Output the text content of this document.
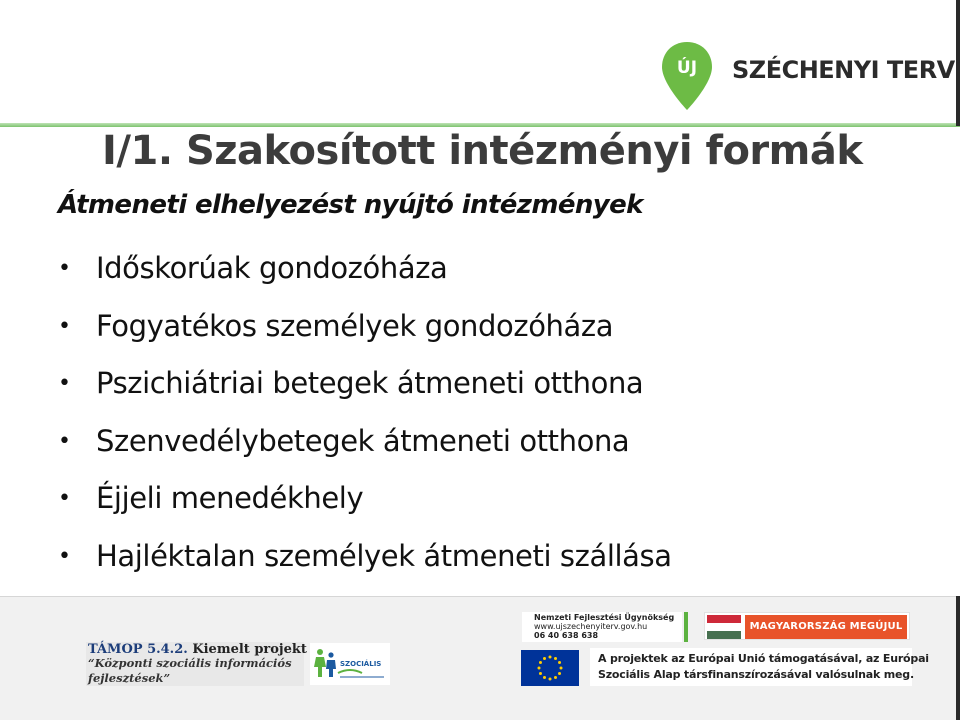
ÚJ SZÉCHENYI TERV
I/1. Szakosított intézményi formák
Átmeneti elhelyezést nyújtó intézmények
• Időskorúak gondozóháza
• Fogyatékos személyek gondozóháza
• Pszichiátriai betegek átmeneti otthona
• Szenvedélybetegek átmeneti otthona
• Éjjeli menedékhely
• Hajléktalan személyek átmeneti szállása
TÁMOP 5.4.2. Kiemelt projekt
“Központi szociális információs
fejlesztések”
SZOCIÁLIS
Nemzeti Fejlesztési Ügynökség
www.ujszechenyiterv.gov.hu
06 40 638 638
MAGYARORSZÁG MEGÚJUL
A projektek az Európai Unió támogatásával, az Európai
Szociális Alap társfinanszírozásával valósulnak meg.
